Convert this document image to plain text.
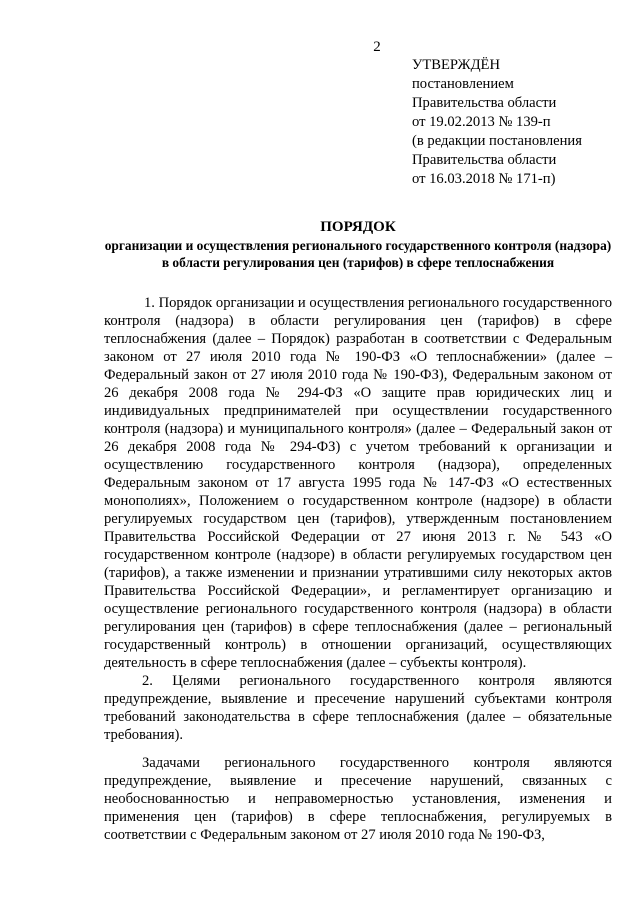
2
УТВЕРЖДЁН
постановлением
Правительства области
от 19.02.2013 № 139-п
(в редакции постановления
Правительства области
от 16.03.2018 № 171-п)
ПОРЯДОК
организации и осуществления регионального государственного контроля (надзора) в области регулирования цен (тарифов) в сфере теплоснабжения

1. Порядок организации и осуществления регионального государственного контроля (надзора) в области регулирования цен (тарифов) в сфере теплоснабжения (далее – Порядок) разработан в соответствии с Федеральным законом от 27 июля 2010 года № 190-ФЗ «О теплоснабжении» (далее – Федеральный закон от 27 июля 2010 года № 190-ФЗ), Федеральным законом от 26 декабря 2008 года № 294-ФЗ «О защите прав юридических лиц и индивидуальных предпринимателей при осуществлении государственного контроля (надзора) и муниципального контроля» (далее – Федеральный закон от 26 декабря 2008 года № 294-ФЗ) с учетом требований к организации и осуществлению государственного контроля (надзора), определенных Федеральным законом от 17 августа 1995 года № 147-ФЗ «О естественных монополиях», Положением о государственном контроле (надзоре) в области регулируемых государством цен (тарифов), утвержденным постановлением Правительства Российской Федерации от 27 июня 2013 г. № 543 «О государственном контроле (надзоре) в области регулируемых государством цен (тарифов), а также изменении и признании утратившими силу некоторых актов Правительства Российской Федерации», и регламентирует организацию и осуществление регионального государственного контроля (надзора) в области регулирования цен (тарифов) в сфере теплоснабжения (далее – региональный государственный контроль) в отношении организаций, осуществляющих деятельность в сфере теплоснабжения (далее – субъекты контроля).

2. Целями регионального государственного контроля являются предупреждение, выявление и пресечение нарушений субъектами контроля требований законодательства в сфере теплоснабжения (далее – обязательные требования).

Задачами регионального государственного контроля являются предупреждение, выявление и пресечение нарушений, связанных с необоснованностью и неправомерностью установления, изменения и применения цен (тарифов) в сфере теплоснабжения, регулируемых в соответствии с Федеральным законом от 27 июля 2010 года № 190-ФЗ,
